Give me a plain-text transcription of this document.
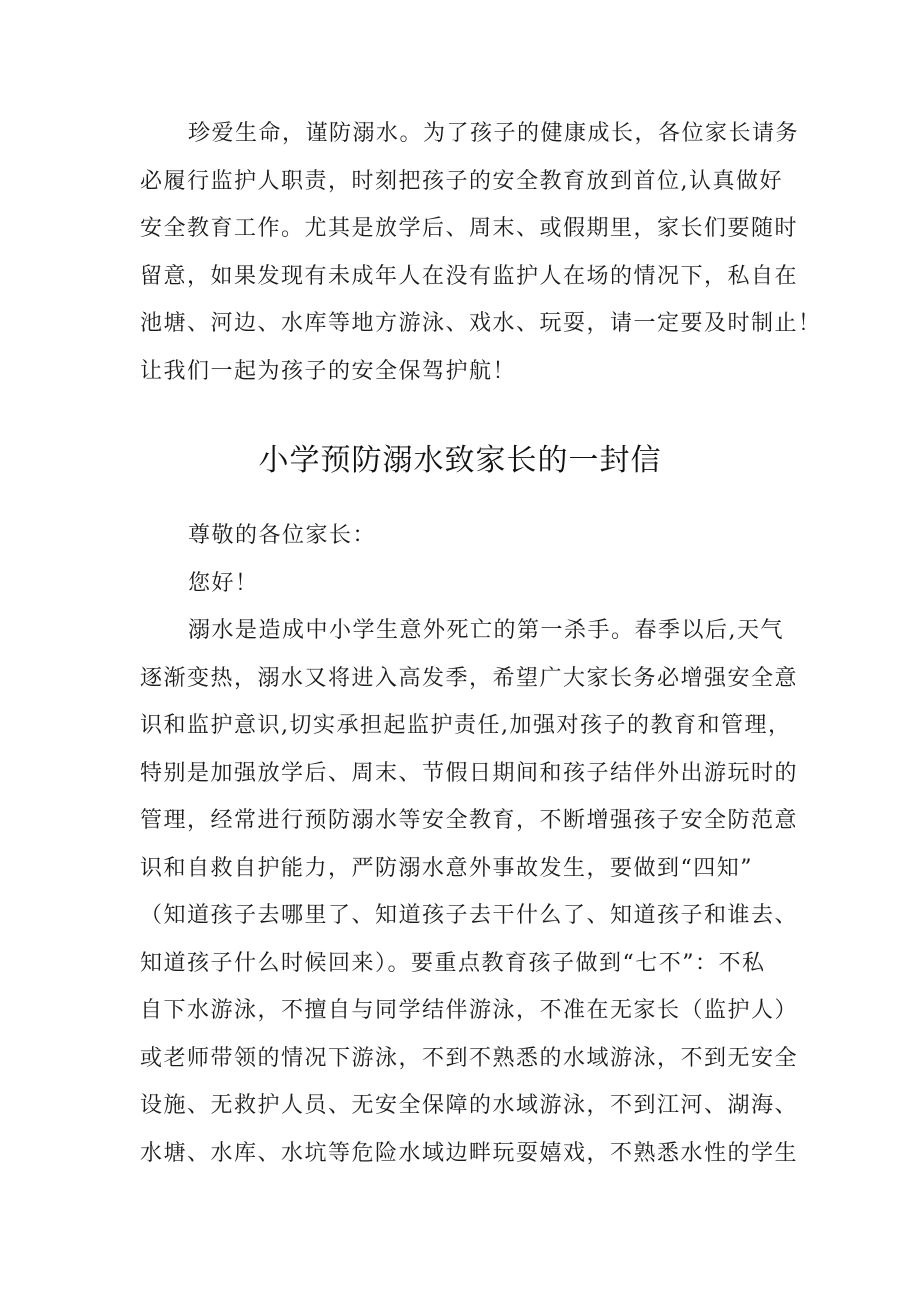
珍爱生命，谨防溺水。为了孩子的健康成长，各位家长请务
必履行监护人职责，时刻把孩子的安全教育放到首位,认真做好
安全教育工作。尤其是放学后、周末、或假期里，家长们要随时
留意，如果发现有未成年人在没有监护人在场的情况下，私自在
池塘、河边、水库等地方游泳、戏水、玩耍，请一定要及时制止！
让我们一起为孩子的安全保驾护航！
小学预防溺水致家长的一封信
尊敬的各位家长：
您好！
溺水是造成中小学生意外死亡的第一杀手。春季以后,天气
逐渐变热，溺水又将进入高发季，希望广大家长务必增强安全意
识和监护意识,切实承担起监护责任,加强对孩子的教育和管理，
特别是加强放学后、周末、节假日期间和孩子结伴外出游玩时的
管理，经常进行预防溺水等安全教育，不断增强孩子安全防范意
识和自救自护能力，严防溺水意外事故发生，要做到“四知”
（知道孩子去哪里了、知道孩子去干什么了、知道孩子和谁去、
知道孩子什么时候回来）。要重点教育孩子做到“七不”：不私
自下水游泳，不擅自与同学结伴游泳，不准在无家长（监护人）
或老师带领的情况下游泳，不到不熟悉的水域游泳，不到无安全
设施、无救护人员、无安全保障的水域游泳，不到江河、湖海、
水塘、水库、水坑等危险水域边畔玩耍嬉戏，不熟悉水性的学生
